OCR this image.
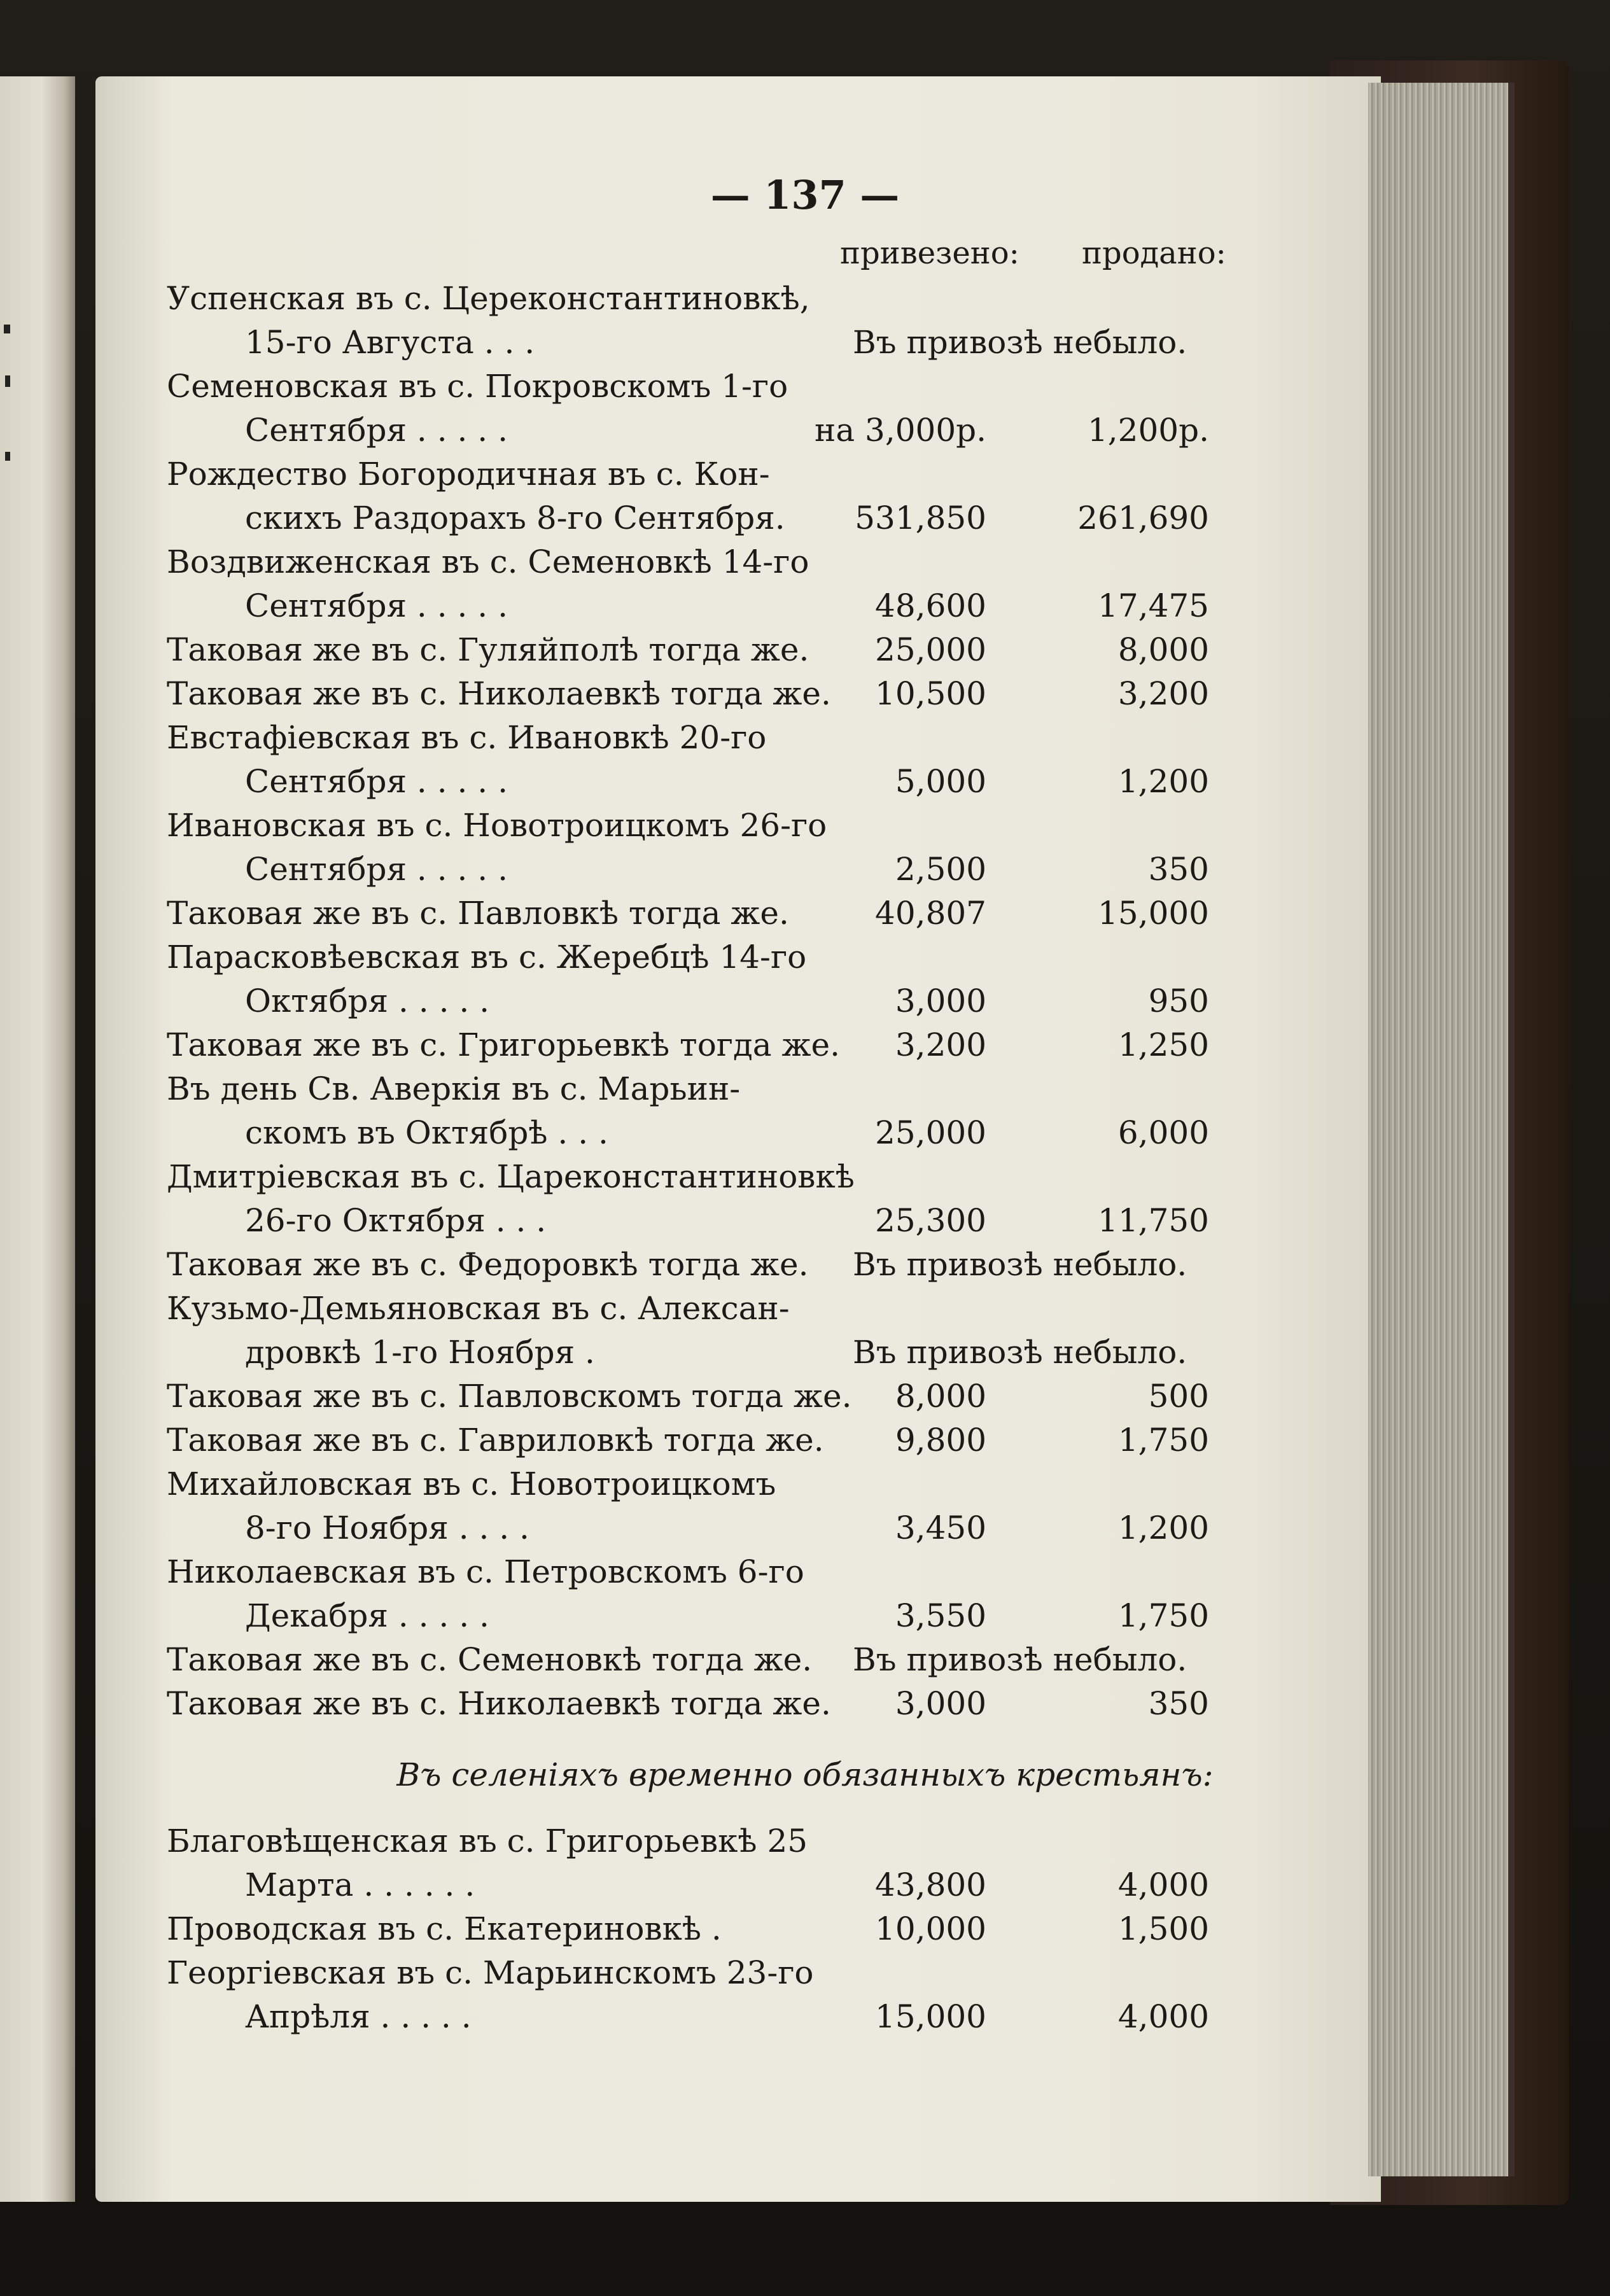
— 137 —
привезено: продано:
Успенская въ с. Цереконстантиновкѣ,
15-го Августа . . .	Въ привозѣ небыло.
Семеновская въ с. Покровскомъ 1-го
Сентября . . . . .	на 3,000р.	1,200р.
Рождество Богородичная въ с. Кон-
скихъ Раздорахъ 8-го Сентября.	531,850	261,690
Воздвиженская въ с. Семеновкѣ 14-го
Сентября . . . . .	48,600	17,475
Таковая же въ с. Гуляйполѣ тогда же.	25,000	8,000
Таковая же въ с. Николаевкѣ тогда же.	10,500	3,200
Евстафіевская въ с. Ивановкѣ 20-го
Сентября . . . . .	5,000	1,200
Ивановская въ с. Новотроицкомъ 26-го
Сентября . . . . .	2,500	350
Таковая же въ с. Павловкѣ тогда же.	40,807	15,000
Парасковѣевская въ с. Жеребцѣ 14-го
Октября . . . . .	3,000	950
Таковая же въ с. Григорьевкѣ тогда же.	3,200	1,250
Въ день Св. Аверкія въ с. Марьин-
скомъ въ Октябрѣ . . .	25,000	6,000
Дмитріевская въ с. Цареконстантиновкѣ
26-го Октября . . .	25,300	11,750
Таковая же въ с. Федоровкѣ тогда же. Въ привозѣ небыло.
Кузьмо-Демьяновская въ с. Алексан-
дровкѣ 1-го Ноября .	Въ привозѣ небыло.
Таковая же въ с. Павловскомъ тогда же.	8,000	500
Таковая же въ с. Гавриловкѣ тогда же.	9,800	1,750
Михайловская въ с. Новотроицкомъ
8-го Ноября . . . .	3,450	1,200
Николаевская въ с. Петровскомъ 6-го
Декабря . . . . .	3,550	1,750
Таковая же въ с. Семеновкѣ тогда же. Въ привозѣ небыло.
Таковая же въ с. Николаевкѣ тогда же.	3,000	350
Въ селеніяхъ временно обязанныхъ крестьянъ:
Благовѣщенская въ с. Григорьевкѣ 25
Марта . . . . . .	43,800	4,000
Проводская въ с. Екатериновкѣ .	10,000	1,500
Георгіевская въ с. Марьинскомъ 23-го
Апрѣля . . . . .	15,000	4,000
